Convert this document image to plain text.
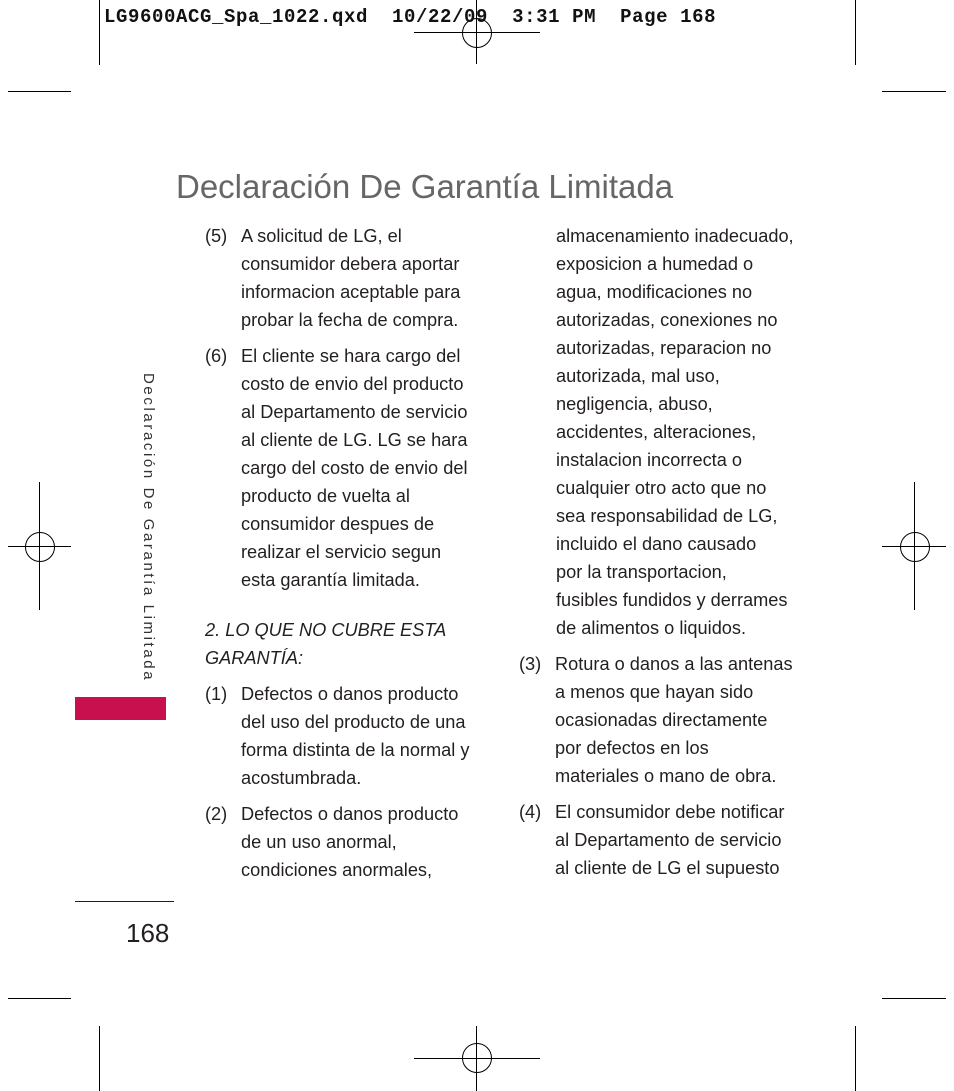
LG9600ACG_Spa_1022.qxd  10/22/09  3:31 PM  Page 168
Declaración De Garantía Limitada
Declaración De Garantía Limitada
168
(5) A solicitud de LG, el
consumidor debera aportar
informacion aceptable para
probar la fecha de compra.
(6) El cliente se hara cargo del
costo de envio del producto
al Departamento de servicio
al cliente de LG. LG se hara
cargo del costo de envio del
producto de vuelta al
consumidor despues de
realizar el servicio segun
esta garantía limitada.
2. LO QUE NO CUBRE ESTA
GARANTÍA:
(1) Defectos o danos producto
del uso del producto de una
forma distinta de la normal y
acostumbrada.
(2) Defectos o danos producto
de un uso anormal,
condiciones anormales,
almacenamiento inadecuado,
exposicion a humedad o
agua, modificaciones no
autorizadas, conexiones no
autorizadas, reparacion no
autorizada, mal uso,
negligencia, abuso,
accidentes, alteraciones,
instalacion incorrecta o
cualquier otro acto que no
sea responsabilidad de LG,
incluido el dano causado
por la transportacion,
fusibles fundidos y derrames
de alimentos o liquidos.
(3) Rotura o danos a las antenas
a menos que hayan sido
ocasionadas directamente
por defectos en los
materiales o mano de obra.
(4) El consumidor debe notificar
al Departamento de servicio
al cliente de LG el supuesto
